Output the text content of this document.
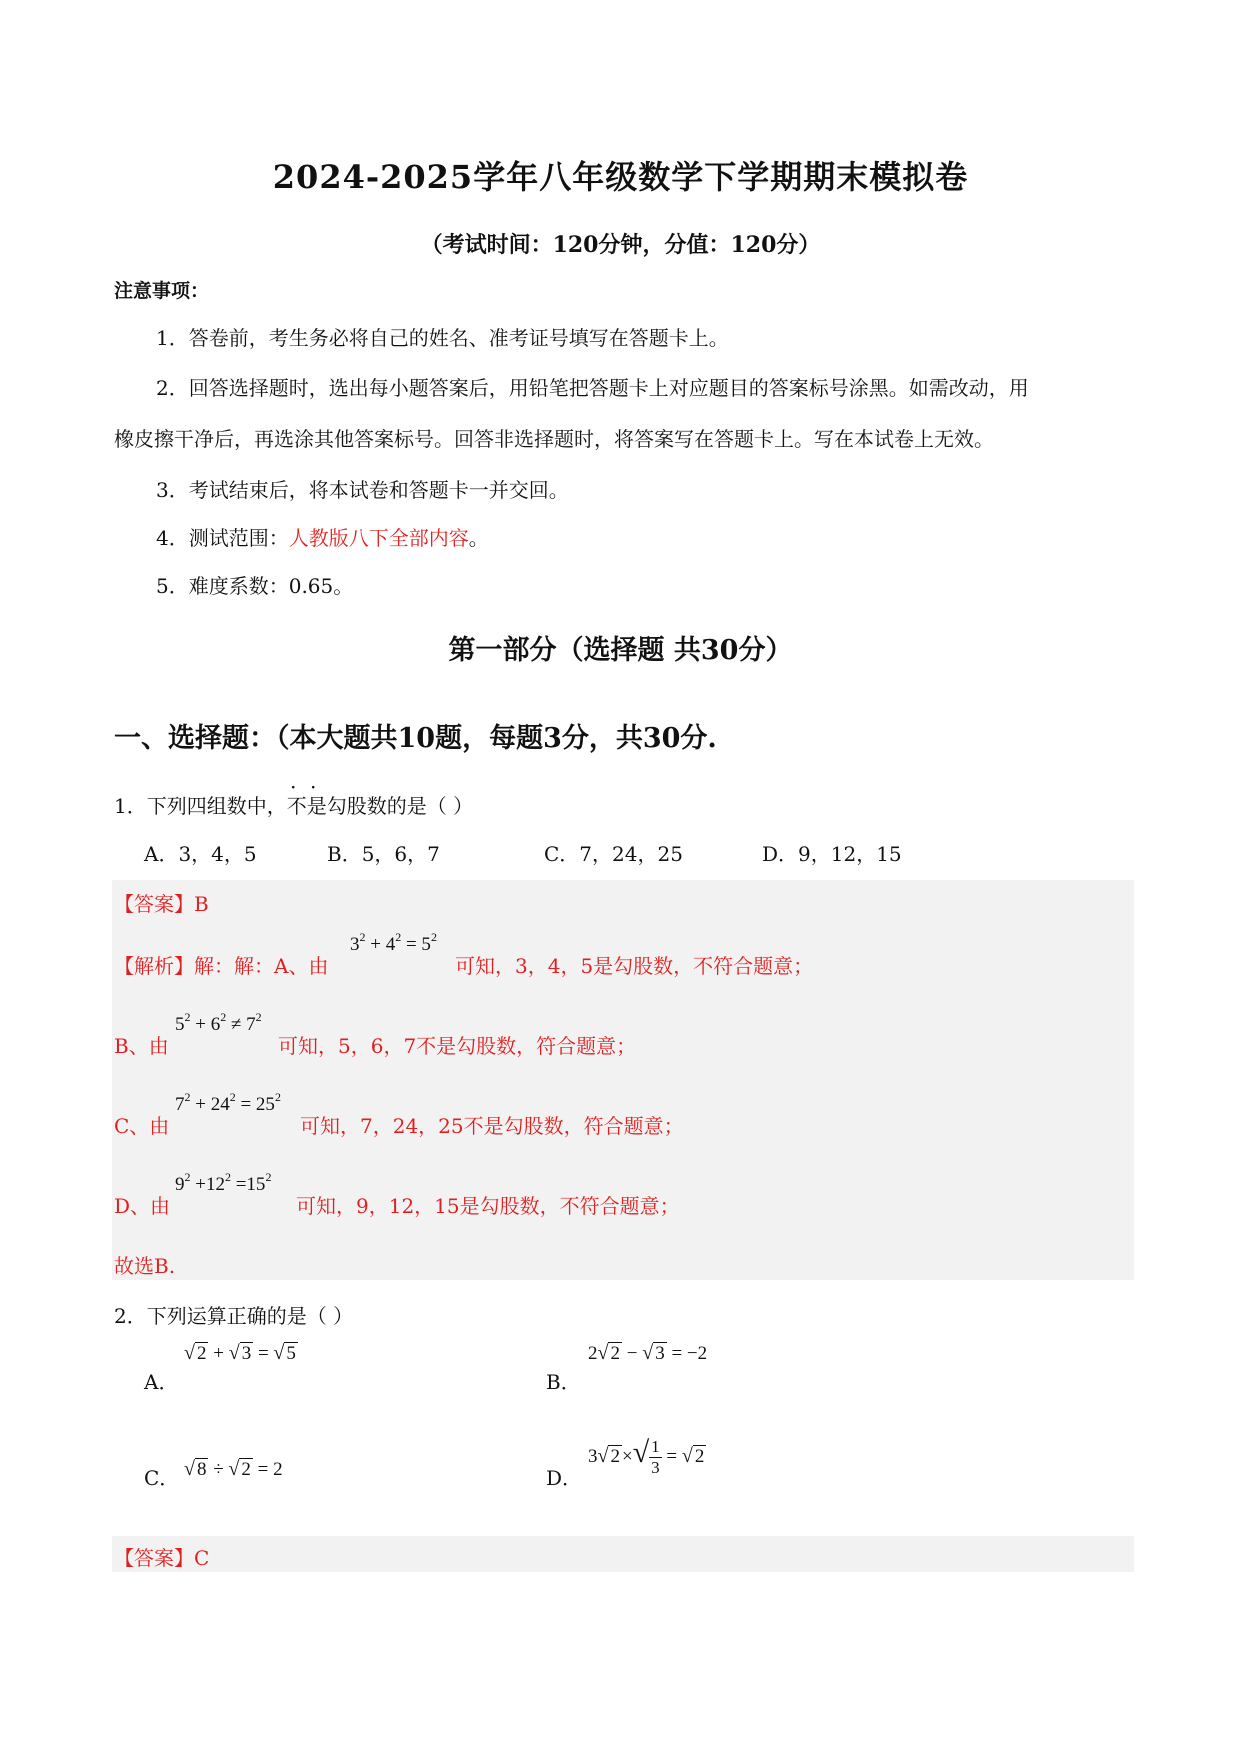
2024-2025学年八年级数学下学期期末模拟卷
（考试时间：120分钟，分值：120分）
注意事项：
1．答卷前，考生务必将自己的姓名、准考证号填写在答题卡上。
2．回答选择题时，选出每小题答案后，用铅笔把答题卡上对应题目的答案标号涂黑。如需改动，用
橡皮擦干净后，再选涂其他答案标号。回答非选择题时，将答案写在答题卡上。写在本试卷上无效。
3．考试结束后，将本试卷和答题卡一并交回。
4．测试范围：人教版八下全部内容。
5．难度系数：0.65。
第一部分（选择题 共30分）
一、选择题：（本大题共10题，每题3分，共30分.
1．下列四组数中，
· ·
不是勾股数的是（ ）
A．3，4，5	B．5，6，7	C．7，24，25	D．9，12，15
【答案】B
【解析】解：解：A、由
$3^2 + 4^2 = 5^2$
可知，3，4，5是勾股数，不符合题意；
B、由
$5^2 + 6^2 \ne 7^2$
可知，5，6，7不是勾股数，符合题意；
C、由
$7^2 + 24^2 = 25^2$
可知，7，24，25不是勾股数，符合题意；
D、由
$9^2 +12^2 =15^2$
可知，9，12，15是勾股数，不符合题意；
故选B.
2．下列运算正确的是（ ）
A．
√ 2 + √ 3 = √ 5
B．
2√ 2 − √ 3 = −2
C． √ 8 ÷ √ 2 = 2	D．
3√ 2 ×√ $\frac{1}{3}$ = √ 2
【答案】C
